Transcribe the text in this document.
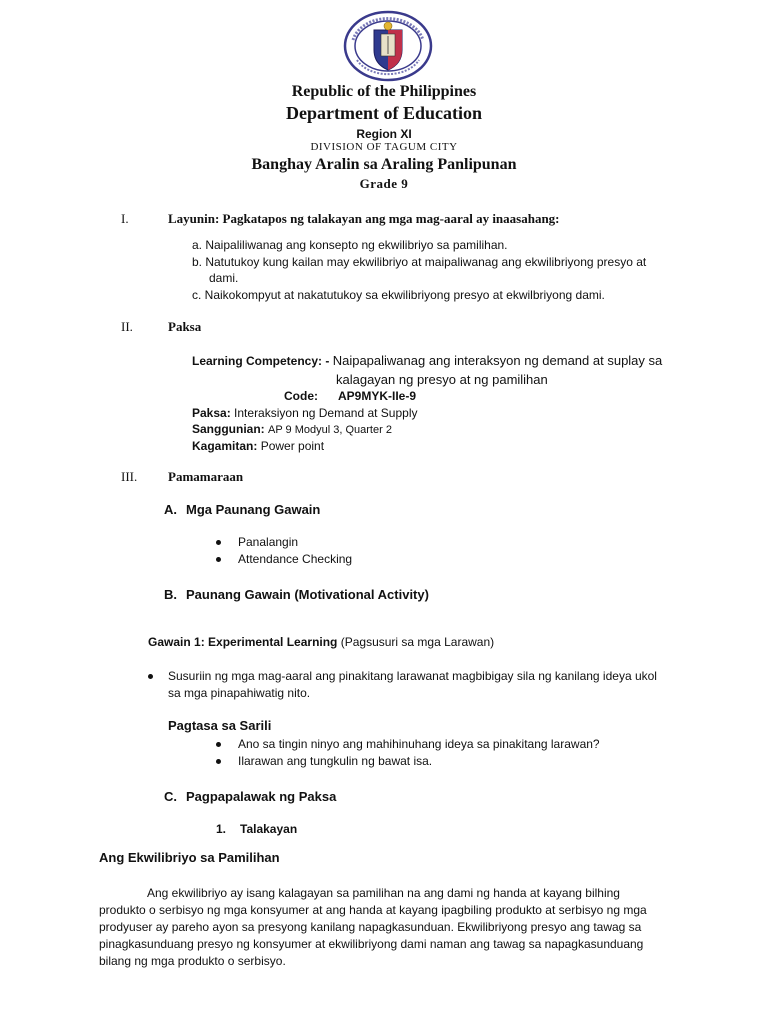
Republic of the Philippines
Department of Education
Region XI
DIVISION OF TAGUM CITY
Banghay Aralin sa Araling Panlipunan
Grade 9
I.	Layunin: Pagkatapos ng talakayan ang mga mag-aaral ay inaasahang:
a. Naipaliliwanag ang konsepto ng ekwilibriyo sa pamilihan.
b. Natutukoy kung kailan may ekwilibriyo at maipaliwanag ang ekwilibriyong presyo at
dami.
c. Naikokompyut at nakatutukoy sa ekwilibriyong presyo at ekwilbriyong dami.
II.	Paksa
Learning Competency: - Naipapaliwanag ang interaksyon ng demand at suplay sa
kalagayan ng presyo at ng pamilihan
Code: AP9MYK-IIe-9
Paksa: Interaksiyon ng Demand at Supply
Sanggunian: AP 9 Modyul 3, Quarter 2
Kagamitan: Power point
III. Pamamaraan
A. Mga Paunang Gawain
Panalangin
Attendance Checking
B. Paunang Gawain (Motivational Activity)
Gawain 1: Experimental Learning (Pagsusuri sa mga Larawan)
Susuriin ng mga mag-aaral ang pinakitang larawanat magbibigay sila ng kanilang ideya ukol
sa mga pinapahiwatig nito.
Pagtasa sa Sarili
Ano sa tingin ninyo ang mahihinuhang ideya sa pinakitang larawan?
Ilarawan ang tungkulin ng bawat isa.
C. Pagpapalawak ng Paksa
1. Talakayan
Ang Ekwilibriyo sa Pamilihan

Ang ekwilibriyo ay isang kalagayan sa pamilihan na ang dami ng handa at kayang bilhing

produkto o serbisyo ng mga konsyumer at ang handa at kayang ipagbiling produkto at serbisyo ng mga

prodyuser ay pareho ayon sa presyong kanilang napagkasunduan. Ekwilibriyong presyo ang tawag sa

pinagkasunduang presyo ng konsyumer at ekwilibriyong dami naman ang tawag sa napagkasunduang

bilang ng mga produkto o serbisyo.
